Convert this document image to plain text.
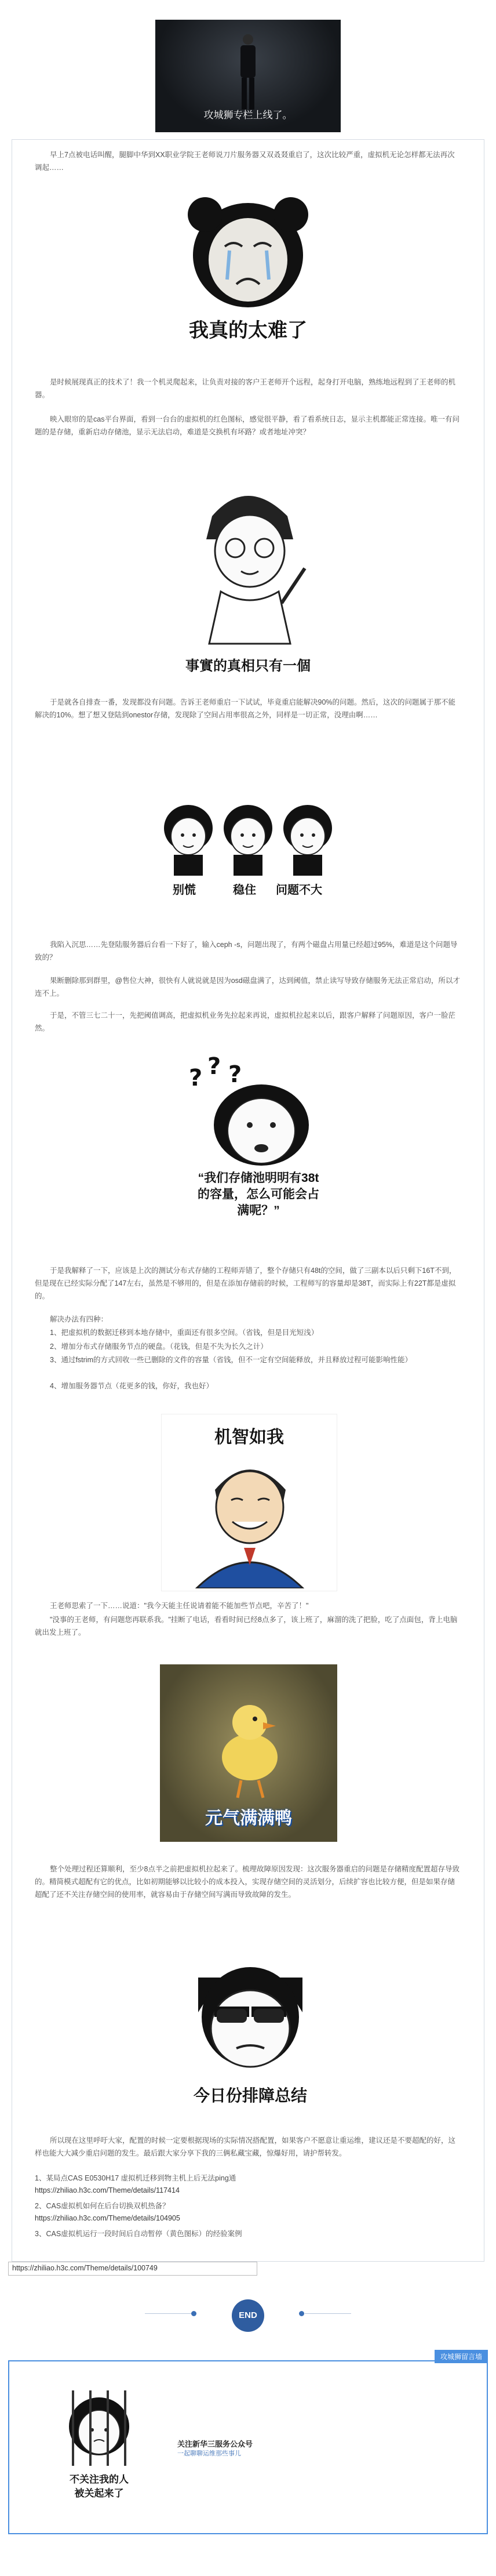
攻城狮专栏上线了。
早上7点被电话叫醒，腿脚中华到XX职业学院王老师说刀片服务器又双叒叕重启了，这次比较严重，虚拟机无论怎样都无法再次调起……
我真的太难了
是时候展现真正的技术了！我一个机灵爬起来，让负责对接的客户王老师开个远程，起身打开电脑，熟练地远程到了王老师的机器。
映入眼帘的是cas平台界面，看到一台台的虚拟机的红色图标，感觉很平静，看了看系统日志，显示主机都能正常连接。唯一有问题的是存储，重新启动存储池，显示无法启动，难道是交换机有坏路？或者地址冲突？
事實的真相只有一個
于是就各自排查一番，发现都没有问题。告诉王老师重启一下试试，毕竟重启能解决90%的问题。然后，这次的问题属于那不能解决的10%。想了想又登陆到onestor存储，发现除了空间占用率很高之外，同样是一切正常，没理由啊……
别慌	稳住 问题不大
我陷入沉思……先登陆服务器后台看一下好了，输入ceph -s，问题出现了，有两个磁盘占用量已经超过95%，难道是这个问题导致的？
果断删除那到群里，@售位大神，很快有人就说就是因为osd磁盘满了，达到阈值，禁止读写导致存储服务无法正常启动，所以才连不上。
于是，不管三七二十一，先把阈值调高，把虚拟机业务先拉起来再说，虚拟机拉起来以后，跟客户解释了问题原因，客户一脸茫然。
? ? ?
“我们存储池明明有38t
的容量，怎么可能会占
满呢？”
于是我解释了一下，应该是上次的测试分布式存储的工程师弄错了，整个存储只有48t的空间，做了三副本以后只剩下16T不到，但是现在已经实际分配了147左右，虽然是不够用的，但是在添加存储前的时候，工程师写的容量却是38T，而实际上有22T都是虚拟的。
解决办法有四种：
1、把虚拟机的数据迁移到本地存储中，重面还有很多空间。（省钱，但是目光短浅）
2、增加分布式存储服务节点的硬盘。（花钱，但是不失为长久之计）
3、通过fstrim的方式回收一些已删除的文件的容量（省钱，但不一定有空间能释放，并且释放过程可能影响性能）
4、增加服务器节点（花更多的钱，你好，我也好）
机智如我
王老师思索了一下……说道："我今天能主任说请着能不能加些节点吧，辛苦了！"
"没事的王老师，有问题您再联系我。"挂断了电话，看看时间已经8点多了，该上班了，麻溜的洗了把脸，吃了点面包，背上电脑就出发上班了。
元气满满鸭
整个处理过程还算顺利，至少8点半之前把虚拟机拉起来了。梳理故障原因发现：这次服务器重启的问题是存储精度配置超存导致的。精简模式超配有它的优点，比如初期能够以比较小的成本投入，实现存储空间的灵活划分，后续扩容也比较方便，但是如果存储超配了还不关注存储空间的使用率，就容易由于存储空间写满而导致故障的发生。
今日份排障总结
所以现在这里呼吁大家，配置的时候一定要根据现场的实际情况搭配置，如果客户不愿意让重运维，建议还是不要超配的好，这样也能大大减少重启问题的发生。最后跟大家分享下我的三俩私藏宝藏，惊爆好用，请护帮转发。
1、某局点CAS E0530H17 虚拟机迁移到物主机上后无法ping通
https://zhiliao.h3c.com/Theme/details/117414
2、CAS虚拟机如何在后台切换双机热备？
https://zhiliao.h3c.com/Theme/details/104905
3、CAS虚拟机运行一段时间后自动暂停（黄色图标）的经验案例
https://zhiliao.h3c.com/Theme/details/100749
END
攻城狮留言墙
不关注我的人
被关起来了
关注新华三服务公众号
一起聊聊运维那些事儿
